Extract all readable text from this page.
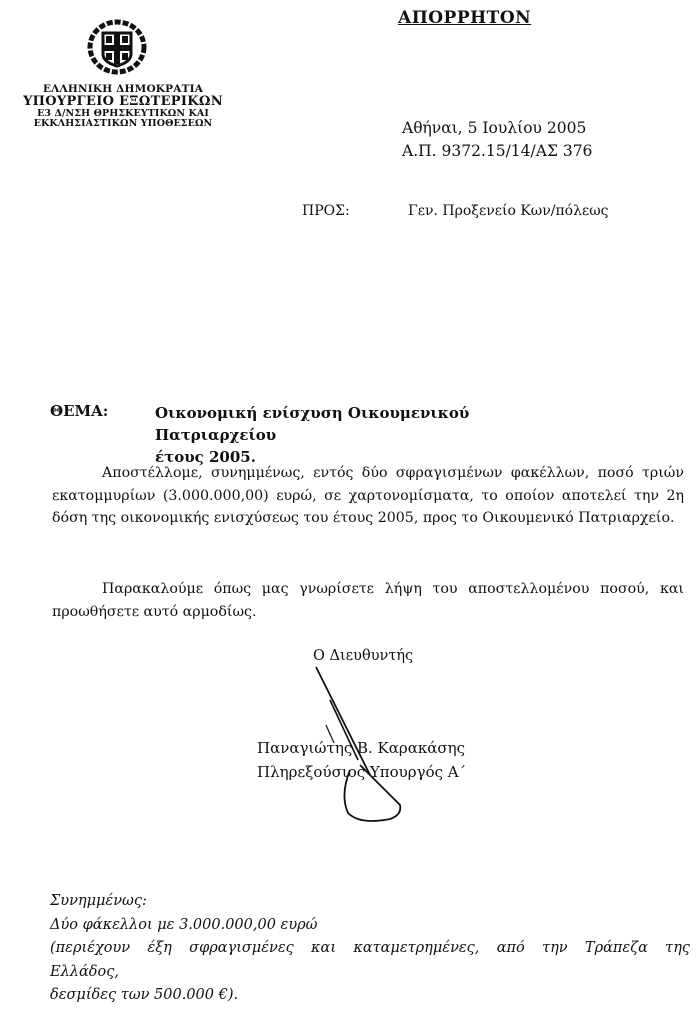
ΕΛΛΗΝΙΚΗ ΔΗΜΟΚΡΑΤΙΑ
ΥΠΟΥΡΓΕΙΟ ΕΞΩΤΕΡΙΚΩΝ
Ε3 Δ/ΝΣΗ ΘΡΗΣΚΕΥΤΙΚΩΝ ΚΑΙ
ΕΚΚΛΗΣΙΑΣΤΙΚΩΝ ΥΠΟΘΕΣΕΩΝ
ΑΠΟΡΡΗΤΟΝ
Αθήναι, 5 Ιουλίου 2005
Α.Π. 9372.15/14/ΑΣ 376
ΠΡΟΣ:	Γεν. Προξενείο Κων/πόλεως
ΘΕΜΑ:	Οικονομική ενίσχυση Οικουμενικού Πατριαρχείου
έτους 2005.
Αποστέλλομε, συνημμένως, εντός δύο σφραγισμένων φακέλλων, ποσό τριών εκατομμυρίων (3.000.000,00) ευρώ, σε χαρτονομίσματα, το οποίον αποτελεί την 2η δόση της οικονομικής ενισχύσεως του έτους 2005, προς το Οικουμενικό Πατριαρχείο.
Παρακαλούμε όπως μας γνωρίσετε λήψη του αποστελλομένου ποσού, και προωθήσετε αυτό αρμοδίως.
Ο Διευθυντής
Παναγιώτης Β. Καρακάσης
Πληρεξούσιος Υπουργός Α΄
Συνημμένως:
Δύο φάκελλοι με 3.000.000,00 ευρώ
(περιέχουν έξη σφραγισμένες και καταμετρημένες, από την Τράπεζα της
Ελλάδος,
δεσμίδες των 500.000 €).
